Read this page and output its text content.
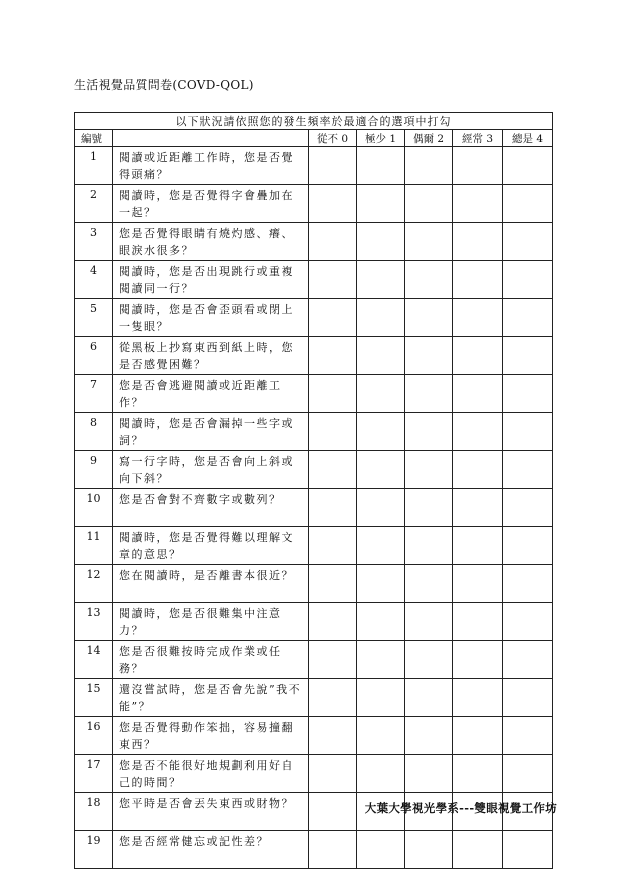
生活視覺品質問卷(COVD-QOL)
以下狀況請依照您的發生頻率於最適合的選項中打勾						
編號		從不 0	極少 1	偶爾 2	經常 3	總是 4
1	閱讀或近距離工作時，您是否覺得頭痛？					
2	閱讀時，您是否覺得字會疊加在一起？					
3	您是否覺得眼睛有燒灼感、癢、眼淚水很多？					
4	閱讀時，您是否出現跳行或重複閱讀同一行？					
5	閱讀時，您是否會歪頭看或閉上一隻眼？					
6	從黑板上抄寫東西到紙上時，您是否感覺困難？					
7	您是否會逃避閱讀或近距離工作？					
8	閱讀時，您是否會漏掉一些字或詞？					
9	寫一行字時，您是否會向上斜或向下斜？					
10	您是否會對不齊數字或數列？					
11	閱讀時，您是否覺得難以理解文章的意思？					
12	您在閱讀時，是否離書本很近？					
13	閱讀時，您是否很難集中注意力？					
14	您是否很難按時完成作業或任務？					
15	還沒嘗試時，您是否會先說”我不能”？					
16	您是否覺得動作笨拙，容易撞翻東西？					
17	您是否不能很好地規劃利用好自己的時間？					
18	您平時是否會丟失東西或財物？					
19	您是否經常健忘或記性差？					
大葉大學視光學系---雙眼視覺工作坊
